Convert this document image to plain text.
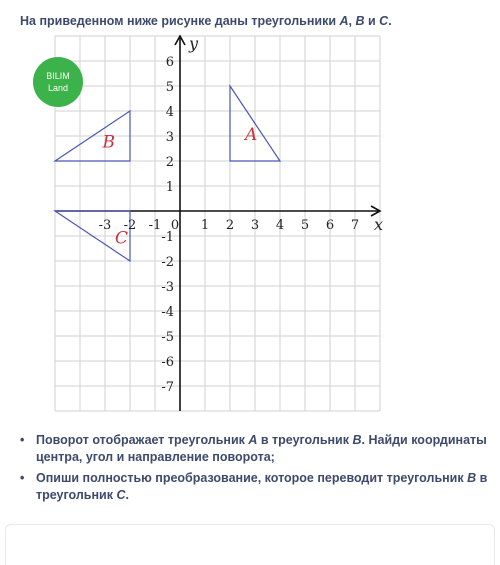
На приведенном ниже рисунке даны треугольники A, B и C.
x
y
A
B
C
-3 -2 -1	1 2 3 4 5 6 7
0
6
5
4
3
2
1
-1
-2
-3
-4
-5
-6
-7
BILIM
Land
• Поворот отображает треугольник A в треугольник B. Найди координаты центра, угол и направление поворота;
• Опиши полностью преобразование, которое переводит треугольник B в треугольник C.
